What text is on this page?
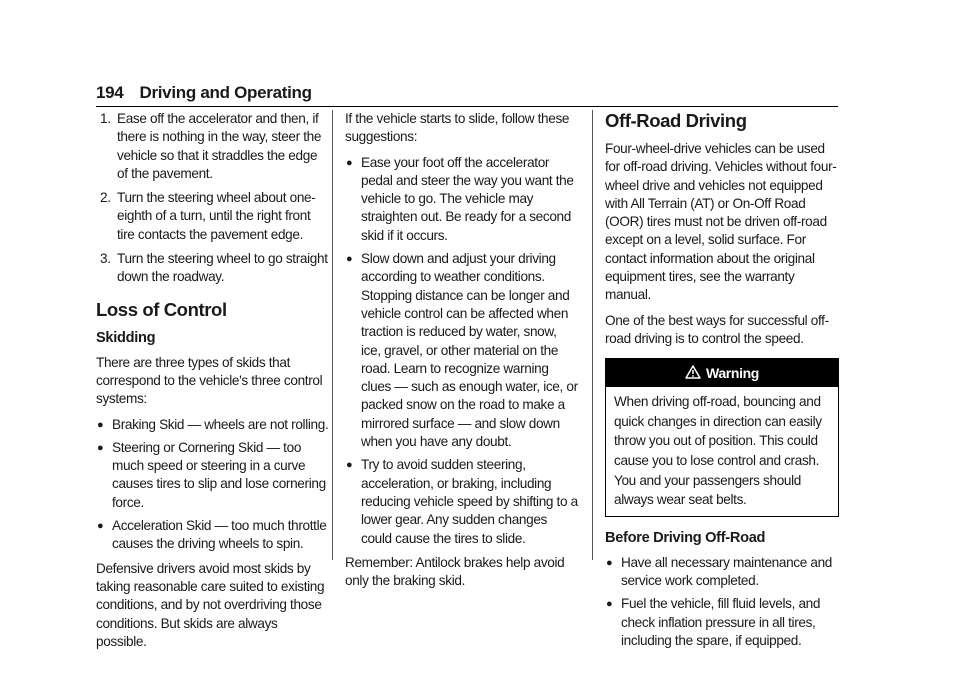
194 Driving and Operating
1. Ease off the accelerator and then, if there is nothing in the way, steer the vehicle so that it straddles the edge of the pavement.
2. Turn the steering wheel about one-eighth of a turn, until the right front tire contacts the pavement edge.
3. Turn the steering wheel to go straight down the roadway.
Loss of Control
Skidding

There are three types of skids that correspond to the vehicle's three control systems:

● Braking Skid — wheels are not rolling.
● Steering or Cornering Skid — too much speed or steering in a curve causes tires to slip and lose cornering force.
● Acceleration Skid — too much throttle causes the driving wheels to spin.

Defensive drivers avoid most skids by taking reasonable care suited to existing conditions, and by not overdriving those conditions. But skids are always possible.

If the vehicle starts to slide, follow these suggestions:

● Ease your foot off the accelerator pedal and steer the way you want the vehicle to go. The vehicle may straighten out. Be ready for a second skid if it occurs.
● Slow down and adjust your driving according to weather conditions. Stopping distance can be longer and vehicle control can be affected when traction is reduced by water, snow, ice, gravel, or other material on the road. Learn to recognize warning clues — such as enough water, ice, or packed snow on the road to make a mirrored surface — and slow down when you have any doubt.
● Try to avoid sudden steering, acceleration, or braking, including reducing vehicle speed by shifting to a lower gear. Any sudden changes could cause the tires to slide.

Remember: Antilock brakes help avoid only the braking skid.

Off-Road Driving

Four-wheel-drive vehicles can be used for off-road driving. Vehicles without four-wheel drive and vehicles not equipped with All Terrain (AT) or On-Off Road (OOR) tires must not be driven off-road except on a level, solid surface. For contact information about the original equipment tires, see the warranty manual.

One of the best ways for successful off-road driving is to control the speed.

Warning
When driving off-road, bouncing and quick changes in direction can easily throw you out of position. This could cause you to lose control and crash. You and your passengers should always wear seat belts.
Before Driving Off-Road
● Have all necessary maintenance and service work completed.
● Fuel the vehicle, fill fluid levels, and check inflation pressure in all tires, including the spare, if equipped.
